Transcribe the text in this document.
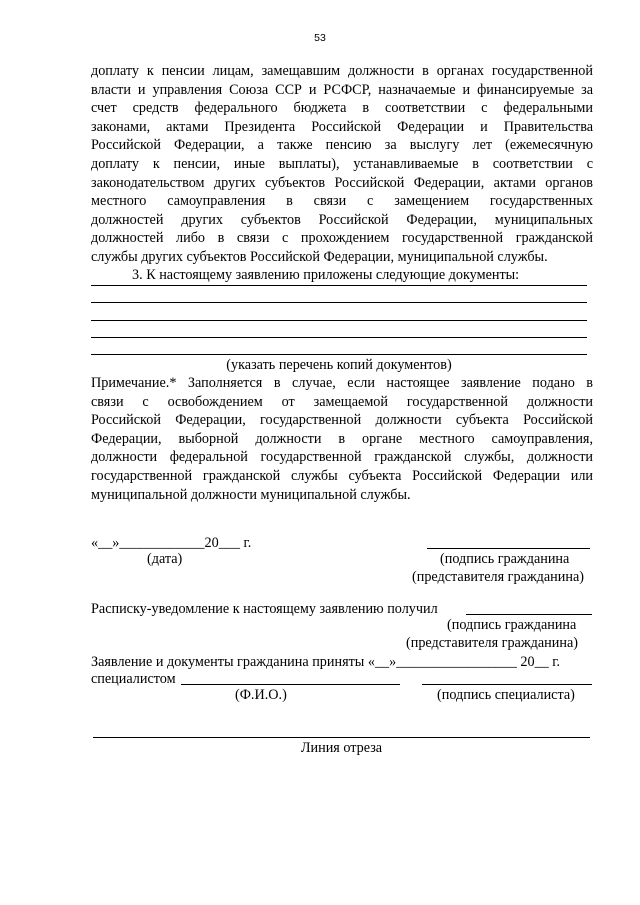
53
доплату к пенсии лицам, замещавшим должности в органах государственной
власти и управления Союза ССР и РСФСР, назначаемые и финансируемые за
счет средств федерального бюджета в соответствии с федеральными
законами, актами Президента Российской Федерации и Правительства
Российской Федерации, а также пенсию за выслугу лет (ежемесячную
доплату к пенсии, иные выплаты), устанавливаемые в соответствии с
законодательством других субъектов Российской Федерации, актами органов
местного самоуправления в связи с замещением государственных
должностей других субъектов Российской Федерации, муниципальных
должностей либо в связи с прохождением государственной гражданской
службы других субъектов Российской Федерации, муниципальной службы.
3. К настоящему заявлению приложены следующие документы:
(указать перечень копий документов)
Примечание.* Заполняется в случае, если настоящее заявление подано в
связи с освобождением от замещаемой государственной должности
Российской Федерации, государственной должности субъекта Российской
Федерации, выборной должности в органе местного самоуправления,
должности федеральной государственной гражданской службы, должности
государственной гражданской службы субъекта Российской Федерации или
муниципальной должности муниципальной службы.
«__»____________20___ г.
(дата)	(подпись гражданина
(представителя гражданина)
Расписку-уведомление к настоящему заявлению получил
(подпись гражданина
(представителя гражданина)
Заявление и документы гражданина приняты «__»_________________ 20__ г.
специалистом
(Ф.И.О.)	(подпись специалиста)
Линия отреза
